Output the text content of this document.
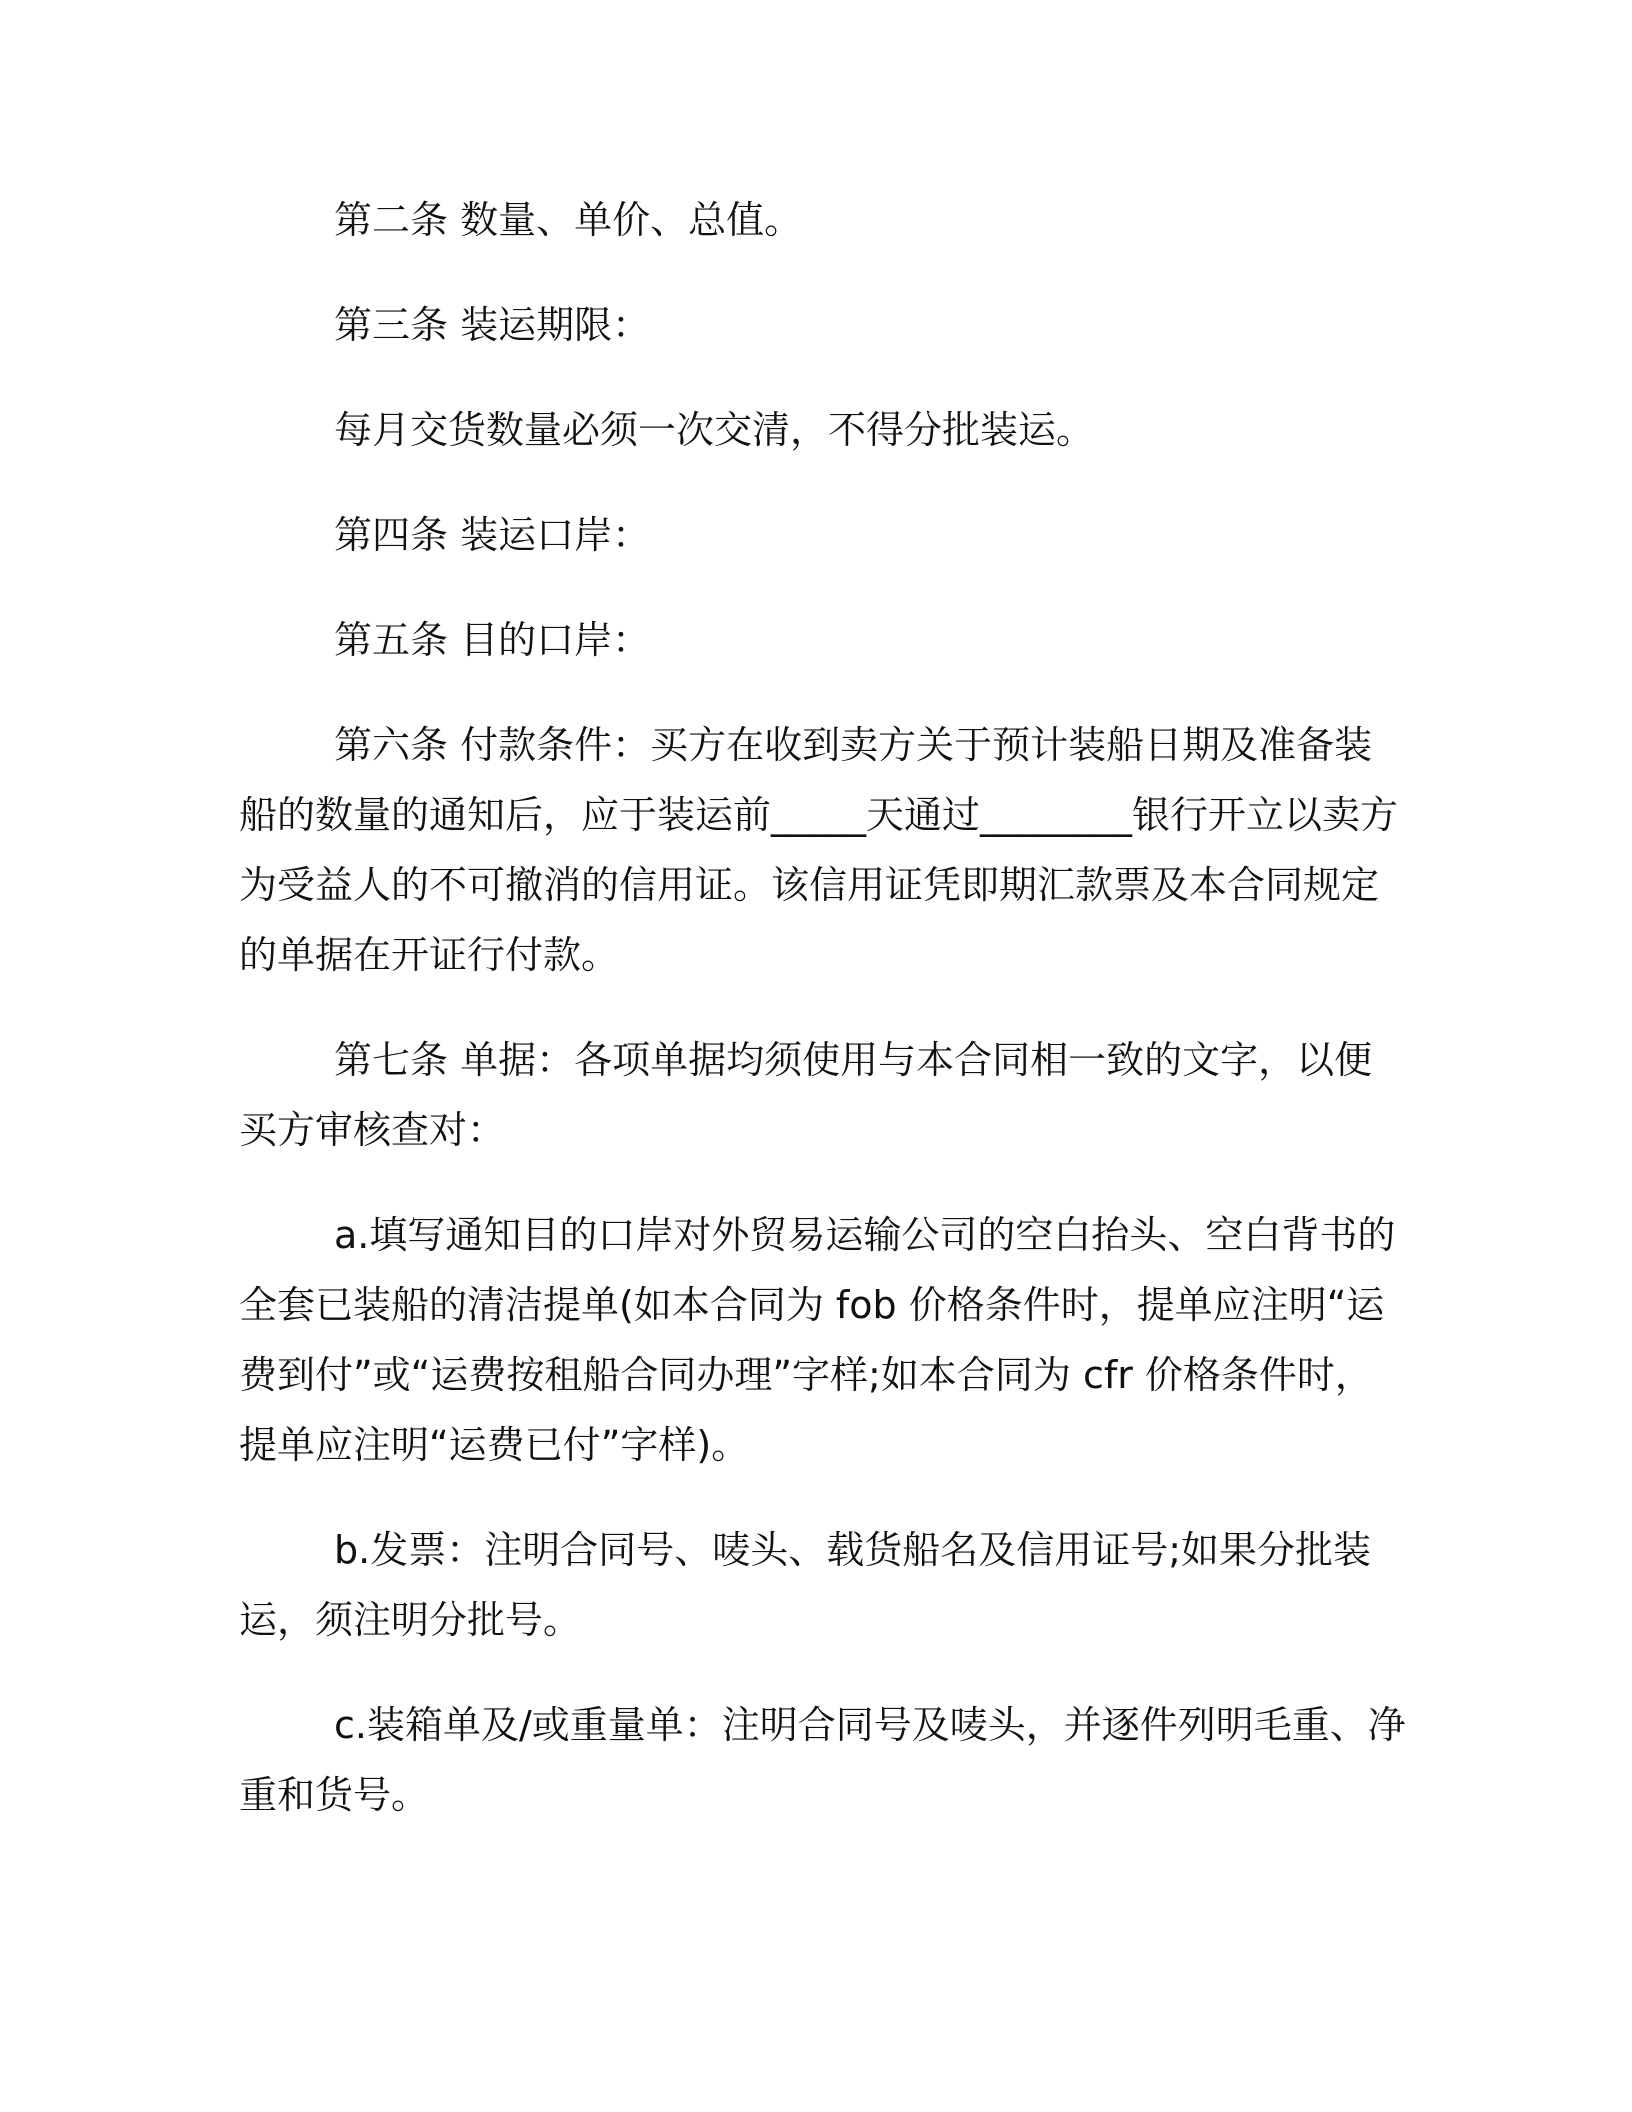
第二条 数量、单价、总值。

第三条 装运期限：

每月交货数量必须一次交清，不得分批装运。

第四条 装运口岸：

第五条 目的口岸：

第六条 付款条件：买方在收到卖方关于预计装船日期及准备装船的数量的通知后，应于装运前_____天通过________银行开立以卖方为受益人的不可撤消的信用证。该信用证凭即期汇款票及本合同规定的单据在开证行付款。

第七条 单据：各项单据均须使用与本合同相一致的文字，以便买方审核查对：

a.填写通知目的口岸对外贸易运输公司的空白抬头、空白背书的全套已装船的清洁提单(如本合同为 fob 价格条件时，提单应注明“运费到付”或“运费按租船合同办理”字样;如本合同为 cfr 价格条件时，提单应注明“运费已付”字样)。

b.发票：注明合同号、唛头、载货船名及信用证号;如果分批装运，须注明分批号。

c.装箱单及/或重量单：注明合同号及唛头，并逐件列明毛重、净重和货号。
